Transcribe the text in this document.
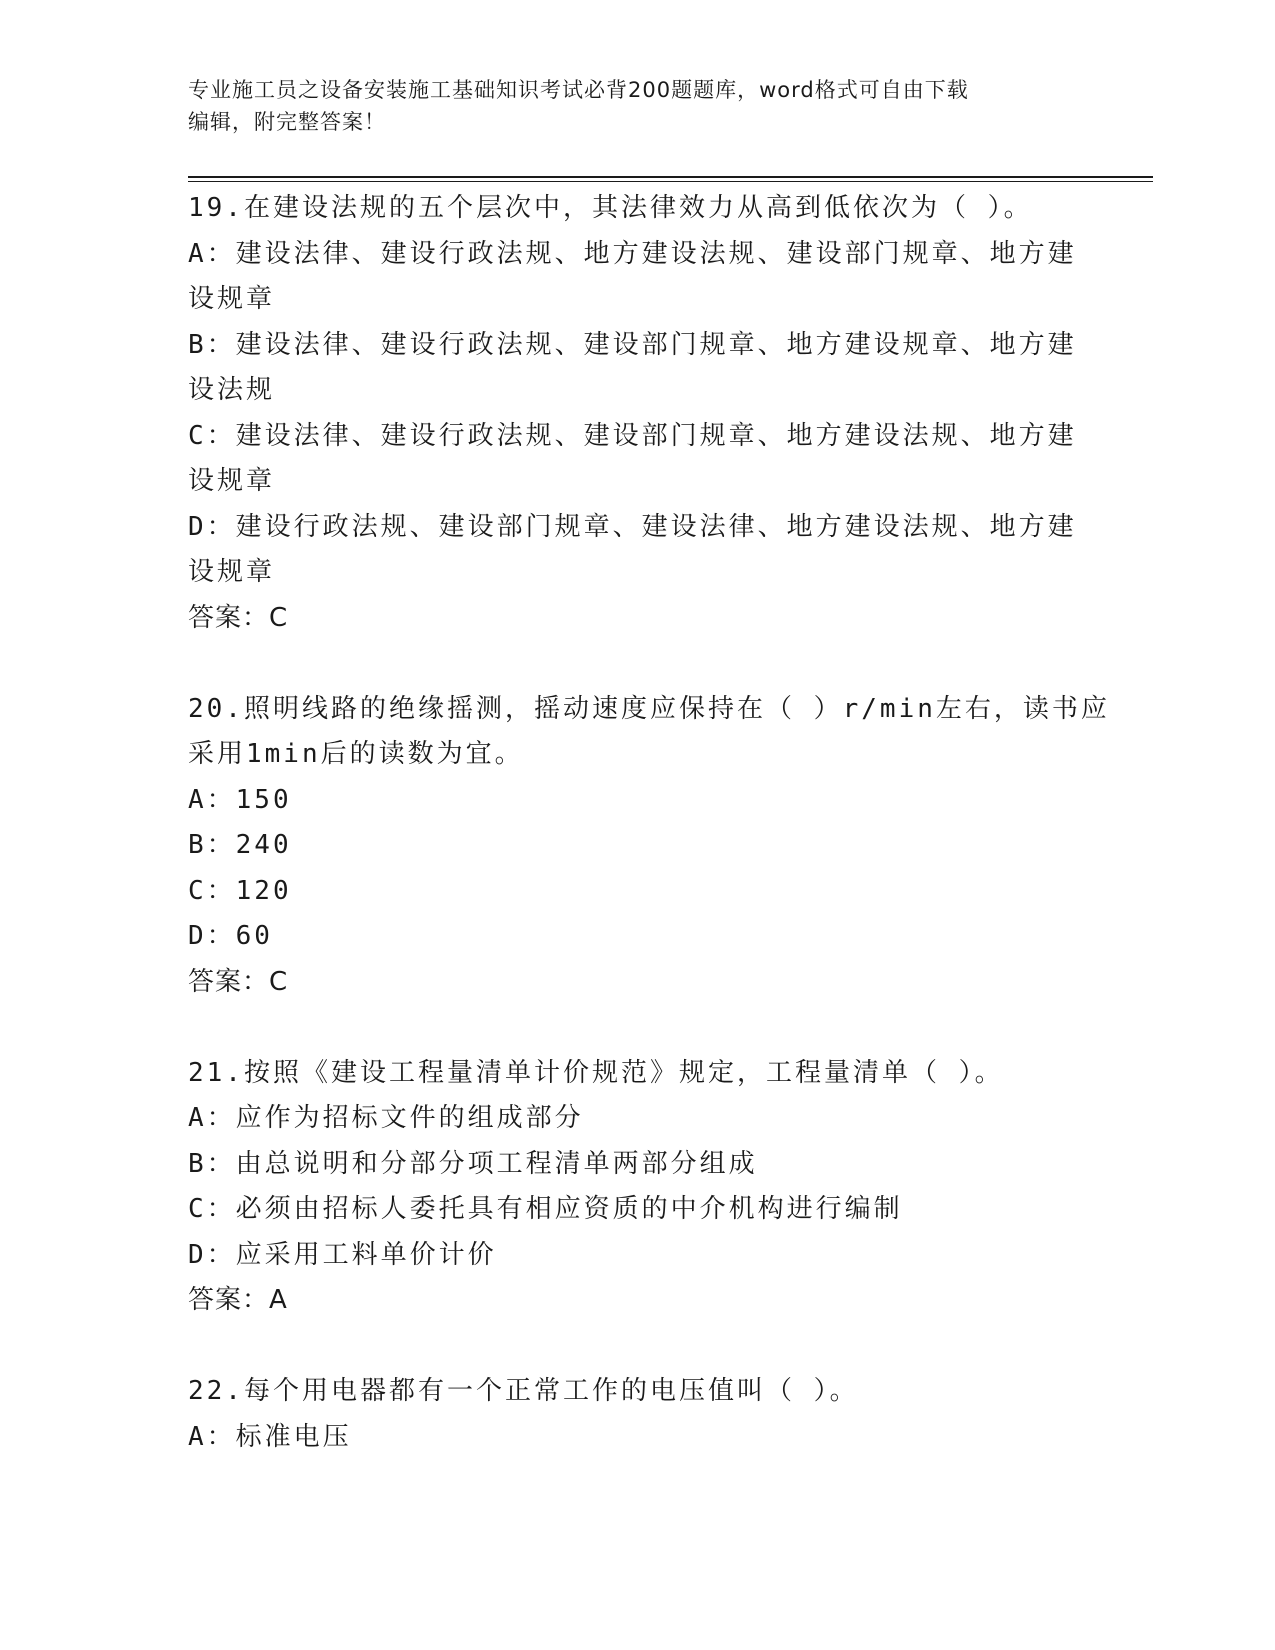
专业施工员之设备安装施工基础知识考试必背200题题库，word格式可自由下载
编辑，附完整答案！
19.在建设法规的五个层次中，其法律效力从高到低依次为（ ）。
A：建设法律、建设行政法规、地方建设法规、建设部门规章、地方建
设规章
B：建设法律、建设行政法规、建设部门规章、地方建设规章、地方建
设法规
C：建设法律、建设行政法规、建设部门规章、地方建设法规、地方建
设规章
D：建设行政法规、建设部门规章、建设法律、地方建设法规、地方建
设规章
答案：C
20.照明线路的绝缘摇测，摇动速度应保持在（ ）r/min左右，读书应
采用1min后的读数为宜。
A：150
B：240
C：120
D：60
答案：C
21.按照《建设工程量清单计价规范》规定，工程量清单（ ）。
A：应作为招标文件的组成部分
B：由总说明和分部分项工程清单两部分组成
C：必须由招标人委托具有相应资质的中介机构进行编制
D：应采用工料单价计价
答案：A
22.每个用电器都有一个正常工作的电压值叫（ ）。
A：标准电压
